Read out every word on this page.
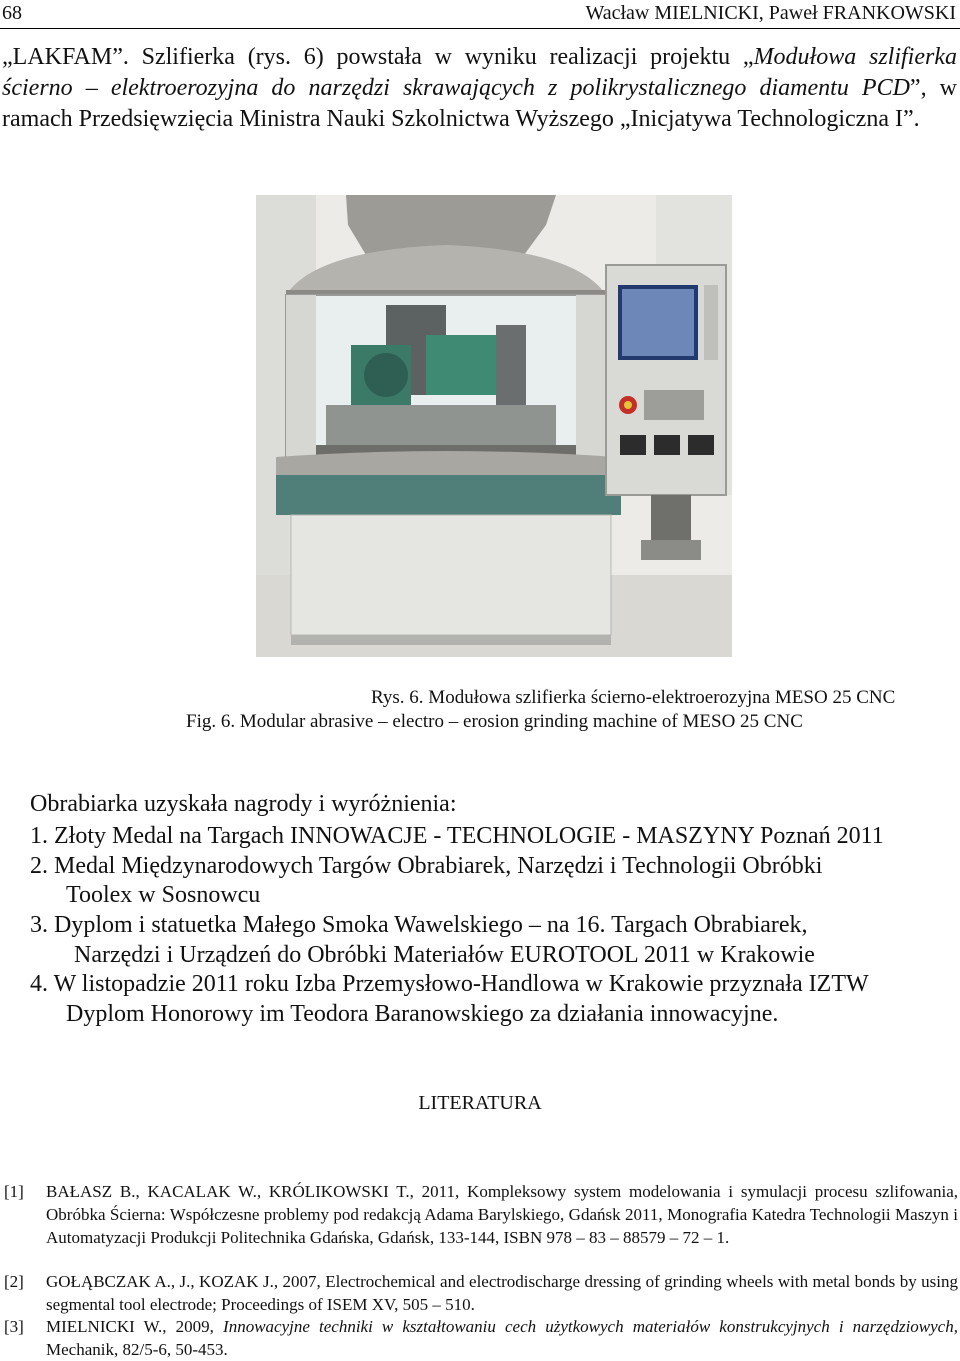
68	Wacław MIELNICKI, Paweł FRANKOWSKI

„LAKFAM”. Szlifierka (rys. 6) powstała w wyniku realizacji projektu „Modułowa szlifierka ścierno – elektroerozyjna do narzędzi skrawających z polikrystalicznego diamentu PCD”, w ramach Przedsięwzięcia Ministra Nauki Szkolnictwa Wyższego „Inicjatywa Technologiczna I”.

Rys. 6. Modułowa szlifierka ścierno-elektroerozyjna MESO 25 CNC

Fig. 6. Modular abrasive – electro – erosion grinding machine of MESO 25 CNC

Obrabiarka uzyskała nagrody i wyróżnienia:

1. Złoty Medal na Targach INNOWACJE - TECHNOLOGIE - MASZYNY Poznań 2011

2. Medal Międzynarodowych Targów Obrabiarek, Narzędzi i Technologii Obróbki

Toolex w Sosnowcu

3. Dyplom i statuetka Małego Smoka Wawelskiego – na 16. Targach Obrabiarek,

Narzędzi i Urządzeń do Obróbki Materiałów EUROTOOL 2011 w Krakowie

4. W listopadzie 2011 roku Izba Przemysłowo-Handlowa w Krakowie przyznała IZTW

Dyplom Honorowy im Teodora Baranowskiego za działania innowacyjne.

LITERATURA

[1] BAŁASZ B., KACALAK W., KRÓLIKOWSKI T., 2011, Kompleksowy system modelowania i symulacji procesu szlifowania, Obróbka Ścierna: Współczesne problemy pod redakcją Adama Barylskiego, Gdańsk 2011, Monografia Katedra Technologii Maszyn i Automatyzacji Produkcji Politechnika Gdańska, Gdańsk, 133-144, ISBN 978 – 83 – 88579 – 72 – 1.
[2] GOŁĄBCZAK A., J., KOZAK J., 2007, Electrochemical and electrodischarge dressing of grinding wheels with metal bonds by using segmental tool electrode; Proceedings of ISEM XV, 505 – 510.
[3] MIELNICKI W., 2009, Innowacyjne techniki w kształtowaniu cech użytkowych materiałów konstrukcyjnych i narzędziowych, Mechanik, 82/5-6, 50-453.
